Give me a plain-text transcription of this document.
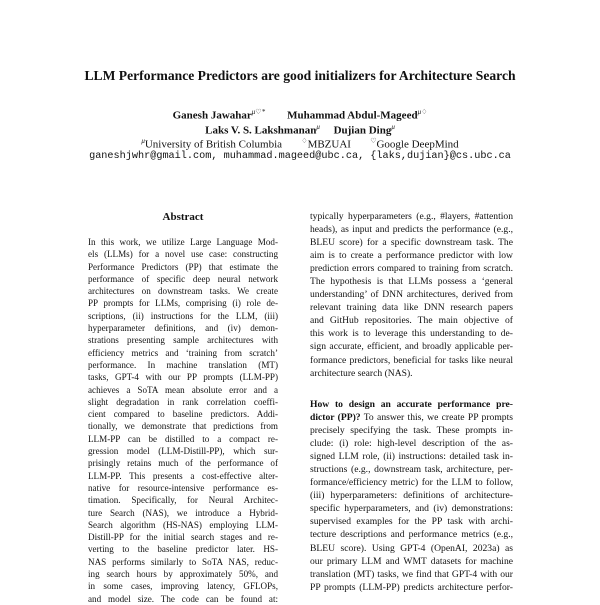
LLM Performance Predictors are good initializers for Architecture Search
Ganesh Jawahar$^{\mu♡*}$ Muhammad Abdul-Mageed$^{\mu♢}$
Laks V. S. Lakshmanan$^\mu$ Dujian Ding$^\mu$
$^\mu$University of British Columbia	♢MBZUAI	♡Google DeepMind
ganeshjwhr@gmail.com, muhammad.mageed@ubc.ca, {laks,dujian}@cs.ubc.ca
Abstract
In this work, we utilize Large Language Mod-
els (LLMs) for a novel use case: constructing
Performance Predictors (PP) that estimate the
performance of specific deep neural network
architectures on downstream tasks. We create
PP prompts for LLMs, comprising (i) role de-
scriptions, (ii) instructions for the LLM, (iii)
hyperparameter definitions, and (iv) demon-
strations presenting sample architectures with
efficiency metrics and ‘training from scratch’
performance. In machine translation (MT)
tasks, GPT-4 with our PP prompts (LLM-PP)
achieves a SoTA mean absolute error and a
slight degradation in rank correlation coeffi-
cient compared to baseline predictors. Addi-
tionally, we demonstrate that predictions from
LLM-PP can be distilled to a compact re-
gression model (LLM-Distill-PP), which sur-
prisingly retains much of the performance of
LLM-PP. This presents a cost-effective alter-
native for resource-intensive performance es-
timation. Specifically, for Neural Architec-
ture Search (NAS), we introduce a Hybrid-
Search algorithm (HS-NAS) employing LLM-
Distill-PP for the initial search stages and re-
verting to the baseline predictor later. HS-
NAS performs similarly to SoTA NAS, reduc-
ing search hours by approximately 50%, and
in some cases, improving latency, GFLOPs,
and model size. The code can be found at:
typically hyperparameters (e.g., #layers, #attention
heads), as input and predicts the performance (e.g.,
BLEU score) for a specific downstream task. The
aim is to create a performance predictor with low
prediction errors compared to training from scratch.
The hypothesis is that LLMs possess a ‘general
understanding’ of DNN architectures, derived from
relevant training data like DNN research papers
and GitHub repositories. The main objective of
this work is to leverage this understanding to de-
sign accurate, efficient, and broadly applicable per-
formance predictors, beneficial for tasks like neural
architecture search (NAS).
How to design an accurate performance pre-
dictor (PP)? To answer this, we create PP prompts
precisely specifying the task. These prompts in-
clude: (i) role: high-level description of the as-
signed LLM role, (ii) instructions: detailed task in-
structions (e.g., downstream task, architecture, per-
formance/efficiency metric) for the LLM to follow,
(iii) hyperparameters: definitions of architecture-
specific hyperparameters, and (iv) demonstrations:
supervised examples for the PP task with archi-
tecture descriptions and performance metrics (e.g.,
BLEU score). Using GPT-4 (OpenAI, 2023a) as
our primary LLM and WMT datasets for machine
translation (MT) tasks, we find that GPT-4 with our
PP prompts (LLM-PP) predicts architecture perfor-
